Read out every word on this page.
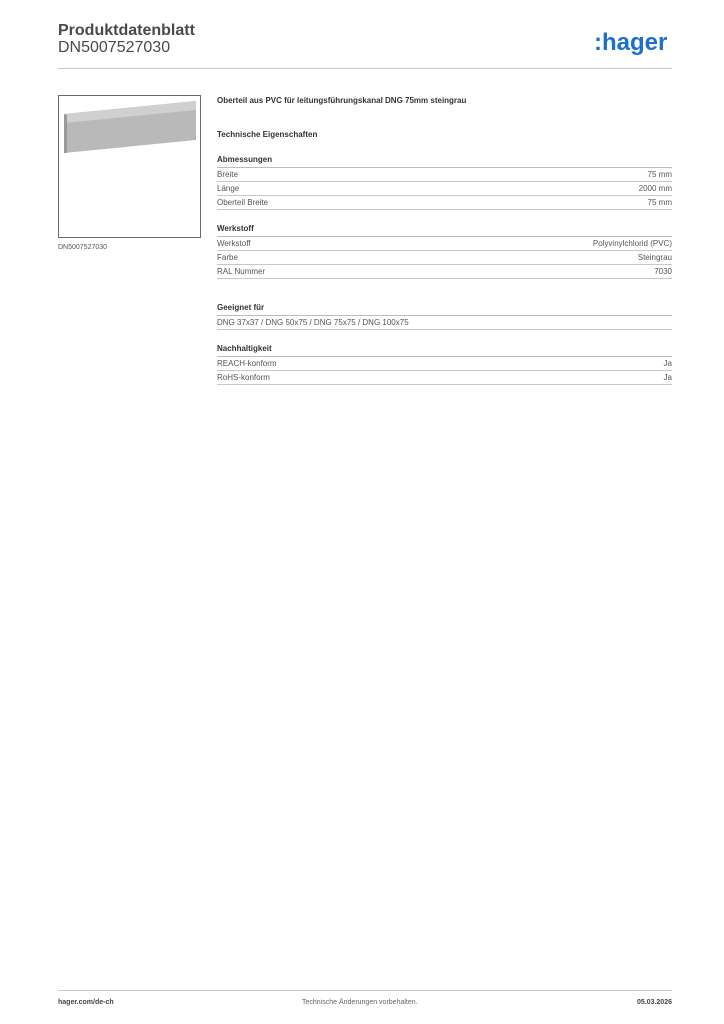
Produktdatenblatt
DN5007527030	:hager
DN5007527030
Oberteil aus PVC für leitungsführungskanal DNG 75mm steingrau
Technische Eigenschaften
Abmessungen
Breite	75 mm
Länge	2000 mm
Oberteil Breite	75 mm
Werkstoff
Werkstoff	Polyvinylchlorid (PVC)
Farbe	Steingrau
RAL Nummer	7030
Geeignet für
DNG 37x37 / DNG 50x75 / DNG 75x75 / DNG 100x75
Nachhaltigkeit
REACH-konform	Ja
RoHS-konform	Ja
hager.com/de-ch	Technische Änderungen vorbehalten.	05.03.2026
